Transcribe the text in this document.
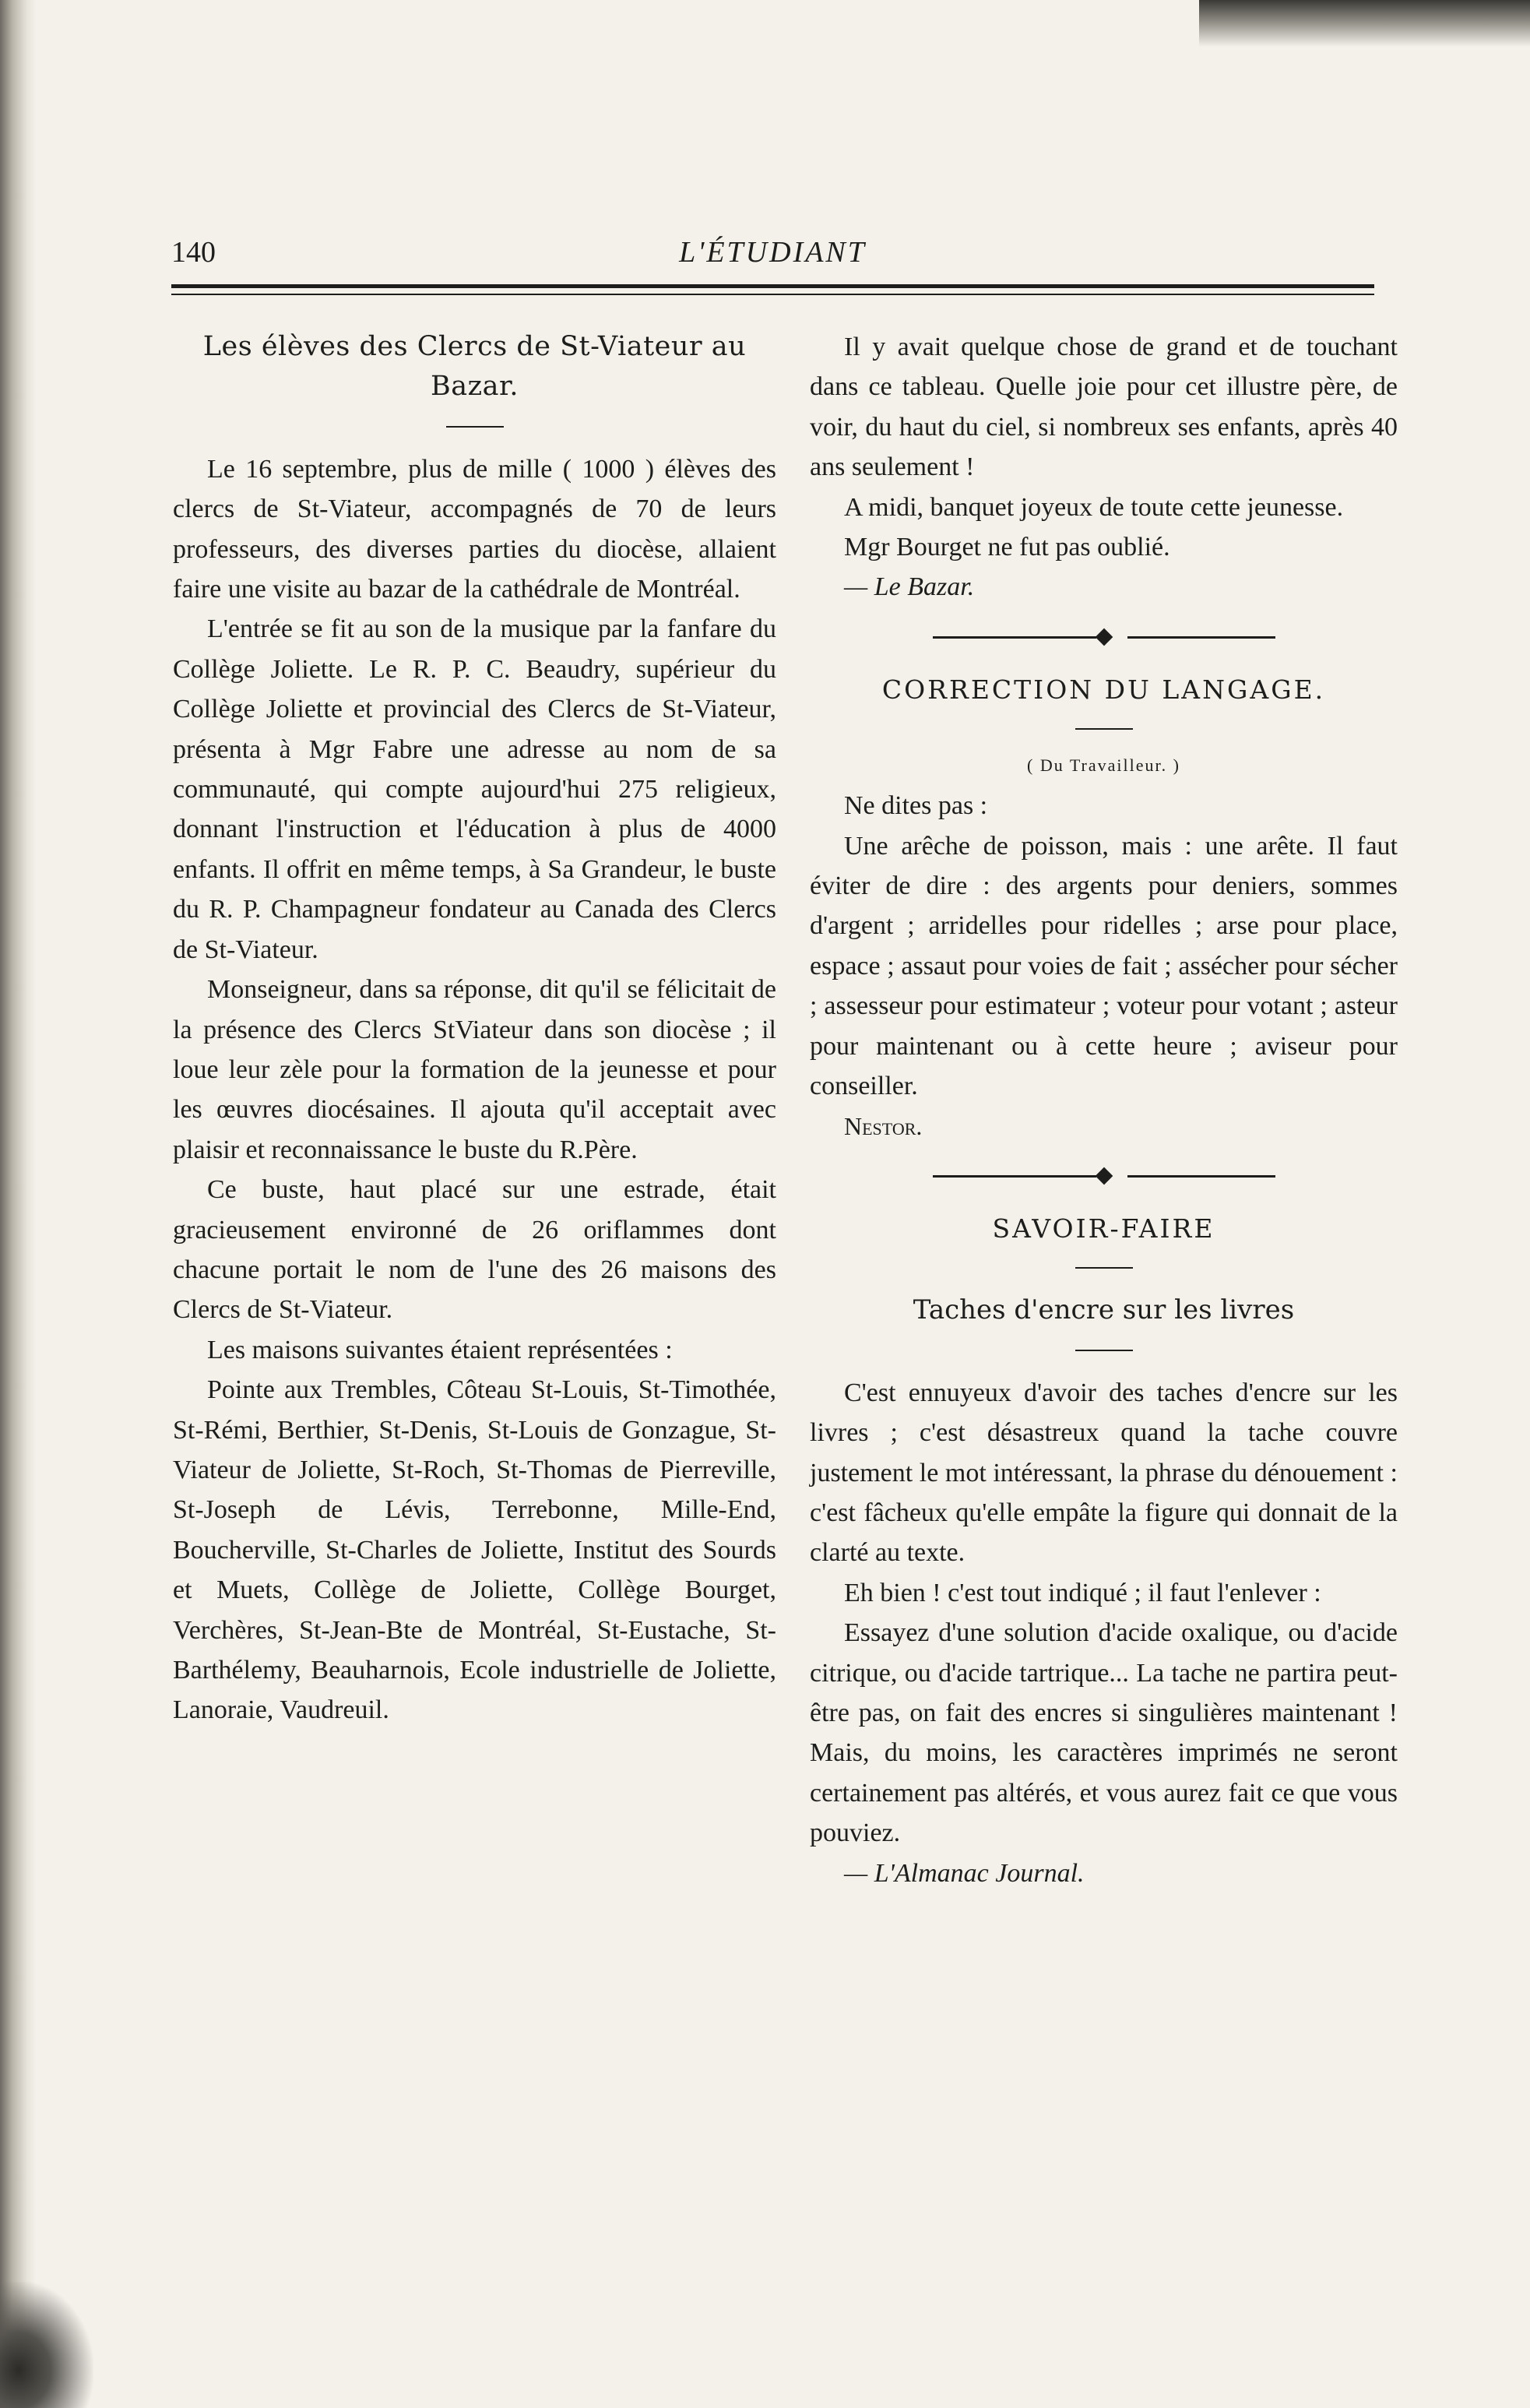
L'ÉTUDIANT
140
Les élèves des Clercs de St-Viateur au Bazar.

Le 16 septembre, plus de mille ( 1000 ) élèves des clercs de St-Viateur, accompagnés de 70 de leurs professeurs, des diverses parties du diocèse, allaient faire une visite au bazar de la cathédrale de Montréal.

L'entrée se fit au son de la musique par la fanfare du Collège Joliette. Le R. P. C. Beaudry, supérieur du Collège Joliette et provincial des Clercs de St-Viateur, présenta à Mgr Fabre une adresse au nom de sa communauté, qui compte aujourd'hui 275 religieux, donnant l'instruction et l'éducation à plus de 4000 enfants. Il offrit en même temps, à Sa Grandeur, le buste du R. P. Champagneur fondateur au Canada des Clercs de St-Viateur.

Monseigneur, dans sa réponse, dit qu'il se félicitait de la présence des Clercs StViateur dans son diocèse ; il loue leur zèle pour la formation de la jeunesse et pour les œuvres diocésaines. Il ajouta qu'il acceptait avec plaisir et reconnaissance le buste du R.Père.

Ce buste, haut placé sur une estrade, était gracieusement environné de 26 oriflammes dont chacune portait le nom de l'une des 26 maisons des Clercs de St-Viateur.

Les maisons suivantes étaient représentées :

Pointe aux Trembles, Côteau St-Louis, St-Timothée, St-Rémi, Berthier, St-Denis, St-Louis de Gonzague, St-Viateur de Joliette, St-Roch, St-Thomas de Pierreville, St-Joseph de Lévis, Terrebonne, Mille-End, Boucherville, St-Charles de Joliette, Institut des Sourds et Muets, Collège de Joliette, Collège Bourget, Verchères, St-Jean-Bte de Montréal, St-Eustache, St-Barthélemy, Beauharnois, Ecole industrielle de Joliette, Lanoraie, Vaudreuil.

Il y avait quelque chose de grand et de touchant dans ce tableau. Quelle joie pour cet illustre père, de voir, du haut du ciel, si nombreux ses enfants, après 40 ans seulement !

A midi, banquet joyeux de toute cette jeunesse.

Mgr Bourget ne fut pas oublié.

— Le Bazar.

CORRECTION DU LANGAGE.
( Du Travailleur. )

Ne dites pas :

Une arêche de poisson, mais : une arête. Il faut éviter de dire : des argents pour deniers, sommes d'argent ; arridelles pour ridelles ; arse pour place, espace ; assaut pour voies de fait ; assécher pour sécher ; assesseur pour estimateur ; voteur pour votant ; asteur pour maintenant ou à cette heure ; aviseur pour conseiller.

Nestor.

SAVOIR-FAIRE
Taches d'encre sur les livres

C'est ennuyeux d'avoir des taches d'encre sur les livres ; c'est désastreux quand la tache couvre justement le mot intéressant, la phrase du dénouement : c'est fâcheux qu'elle empâte la figure qui donnait de la clarté au texte.

Eh bien ! c'est tout indiqué ; il faut l'enlever :

Essayez d'une solution d'acide oxalique, ou d'acide citrique, ou d'acide tartrique... La tache ne partira peut-être pas, on fait des encres si singulières maintenant ! Mais, du moins, les caractères imprimés ne seront certainement pas altérés, et vous aurez fait ce que vous pouviez.

— L'Almanac Journal.
